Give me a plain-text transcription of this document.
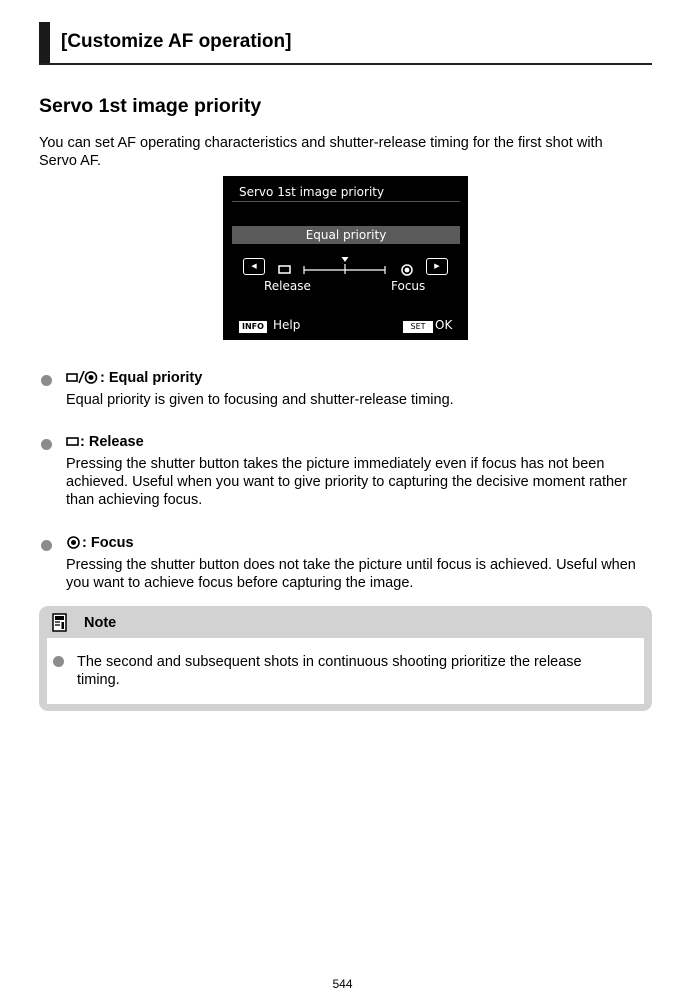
[Customize AF operation]
Servo 1st image priority
You can set AF operating characteristics and shutter-release timing for the first shot with Servo AF.
Servo 1st image priority
Equal priority
◀	▶
Release	Focus
INFO Help	SET OK
: Equal priority
Equal priority is given to focusing and shutter-release timing.
: Release
Pressing the shutter button takes the picture immediately even if focus has not been achieved. Useful when you want to give priority to capturing the decisive moment rather than achieving focus.
: Focus
Pressing the shutter button does not take the picture until focus is achieved. Useful when you want to achieve focus before capturing the image.
Note
The second and subsequent shots in continuous shooting prioritize the release timing.
544
